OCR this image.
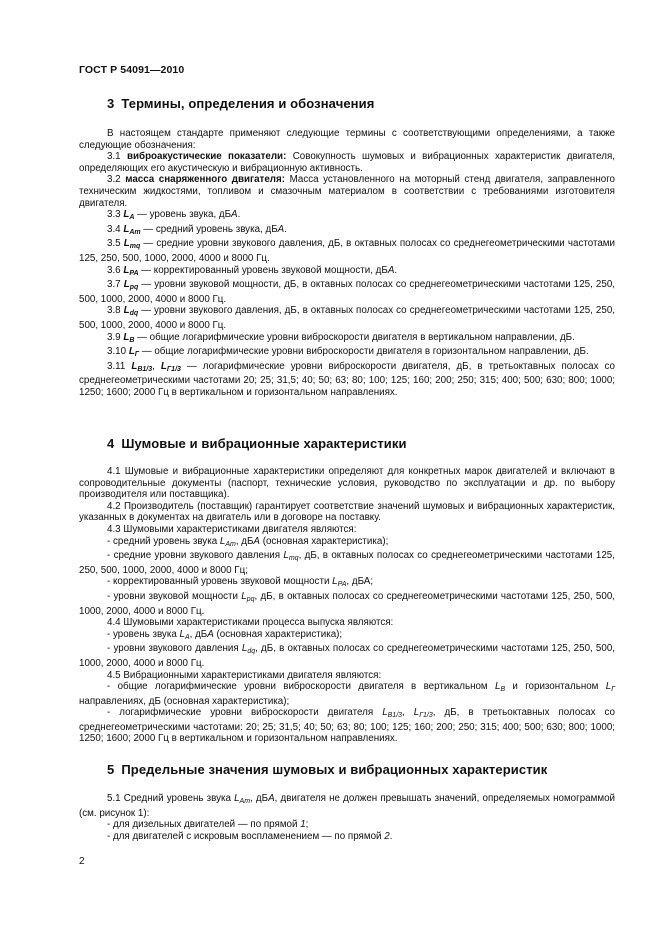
ГОСТ Р 54091—2010
3 Термины, определения и обозначения

В настоящем стандарте применяют следующие термины с соответствующими определениями, а также следующие обозначения:

3.1 виброакустические показатели: Совокупность шумовых и вибрационных характеристик двигателя, определяющих его акустическую и вибрационную активность.

3.2 масса снаряженного двигателя: Масса установленного на моторный стенд двигателя, заправленного техническим жидкостями, топливом и смазочным материалом в соответствии с требованиями изготовителя двигателя.

3.3 $L_A$ — уровень звука, дБА.

3.4 $L_{Am}$ — средний уровень звука, дБА.

3.5 $L_{mq}$ — средние уровни звукового давления, дБ, в октавных полосах со среднегеометрическими частотами 125, 250, 500, 1000, 2000, 4000 и 8000 Гц.

3.6 $L_{PA}$ — корректированный уровень звуковой мощности, дБА.

3.7 $L_{pq}$ — уровни звуковой мощности, дБ, в октавных полосах со среднегеометрическими частотами 125, 250, 500, 1000, 2000, 4000 и 8000 Гц.

3.8 $L_{dq}$ — уровни звукового давления, дБ, в октавных полосах со среднегеометрическими частотами 125, 250, 500, 1000, 2000, 4000 и 8000 Гц.

3.9 $L_B$ — общие логарифмические уровни виброскорости двигателя в вертикальном направлении, дБ.

3.10 $L_Г$ — общие логарифмические уровни виброскорости двигателя в горизонтальном направлении, дБ.

3.11 $L_{B1/3}$, $L_{Г1/3}$ — логарифмические уровни виброскорости двигателя, дБ, в третьоктавных полосах со среднегеометрическими частотами 20; 25; 31,5; 40; 50; 63; 80; 100; 125; 160; 200; 250; 315; 400; 500; 630; 800; 1000; 1250; 1600; 2000 Гц в вертикальном и горизонтальном направлениях.

4 Шумовые и вибрационные характеристики

4.1 Шумовые и вибрационные характеристики определяют для конкретных марок двигателей и включают в сопроводительные документы (паспорт, технические условия, руководство по эксплуатации и др. по выбору производителя или поставщика).

4.2 Производитель (поставщик) гарантирует соответствие значений шумовых и вибрационных характеристик, указанных в документах на двигатель или в договоре на поставку.

4.3 Шумовыми характеристиками двигателя являются:

- средний уровень звука $L_{Am}$, дБА (основная характеристика);

- средние уровни звукового давления $L_{mq}$, дБ, в октавных полосах со среднегеометрическими частотами 125, 250, 500, 1000, 2000, 4000 и 8000 Гц;

- корректированный уровень звуковой мощности $L_{PA}$, дБА;

- уровни звуковой мощности $L_{pq}$, дБ, в октавных полосах со среднегеометрическими частотами 125, 250, 500, 1000, 2000, 4000 и 8000 Гц.

4.4 Шумовыми характеристиками процесса выпуска являются:

- уровень звука $L_A$, дБА (основная характеристика);

- уровни звукового давления $L_{dq}$, дБ, в октавных полосах со среднегеометрическими частотами 125, 250, 500, 1000, 2000, 4000 и 8000 Гц.

4.5 Вибрационными характеристиками двигателя являются:

- общие логарифмические уровни виброскорости двигателя в вертикальном $L_B$ и горизонтальном $L_Г$ направлениях, дБ (основная характеристика);

- логарифмические уровни виброскорости двигателя $L_{B1/3}$, $L_{Г1/3}$, дБ, в третьоктавных полосах со среднегеометрическими частотами: 20; 25; 31,5; 40; 50; 63; 80; 100; 125; 160; 200; 250; 315; 400; 500; 630; 800; 1000; 1250; 1600; 2000 Гц в вертикальном и горизонтальном направлениях.

5 Предельные значения шумовых и вибрационных характеристик

5.1 Средний уровень звука $L_{Am}$, дБА, двигателя не должен превышать значений, определяемых номограммой (см. рисунок 1):

- для дизельных двигателей — по прямой 1;

- для двигателей с искровым воспламенением — по прямой 2.

2
